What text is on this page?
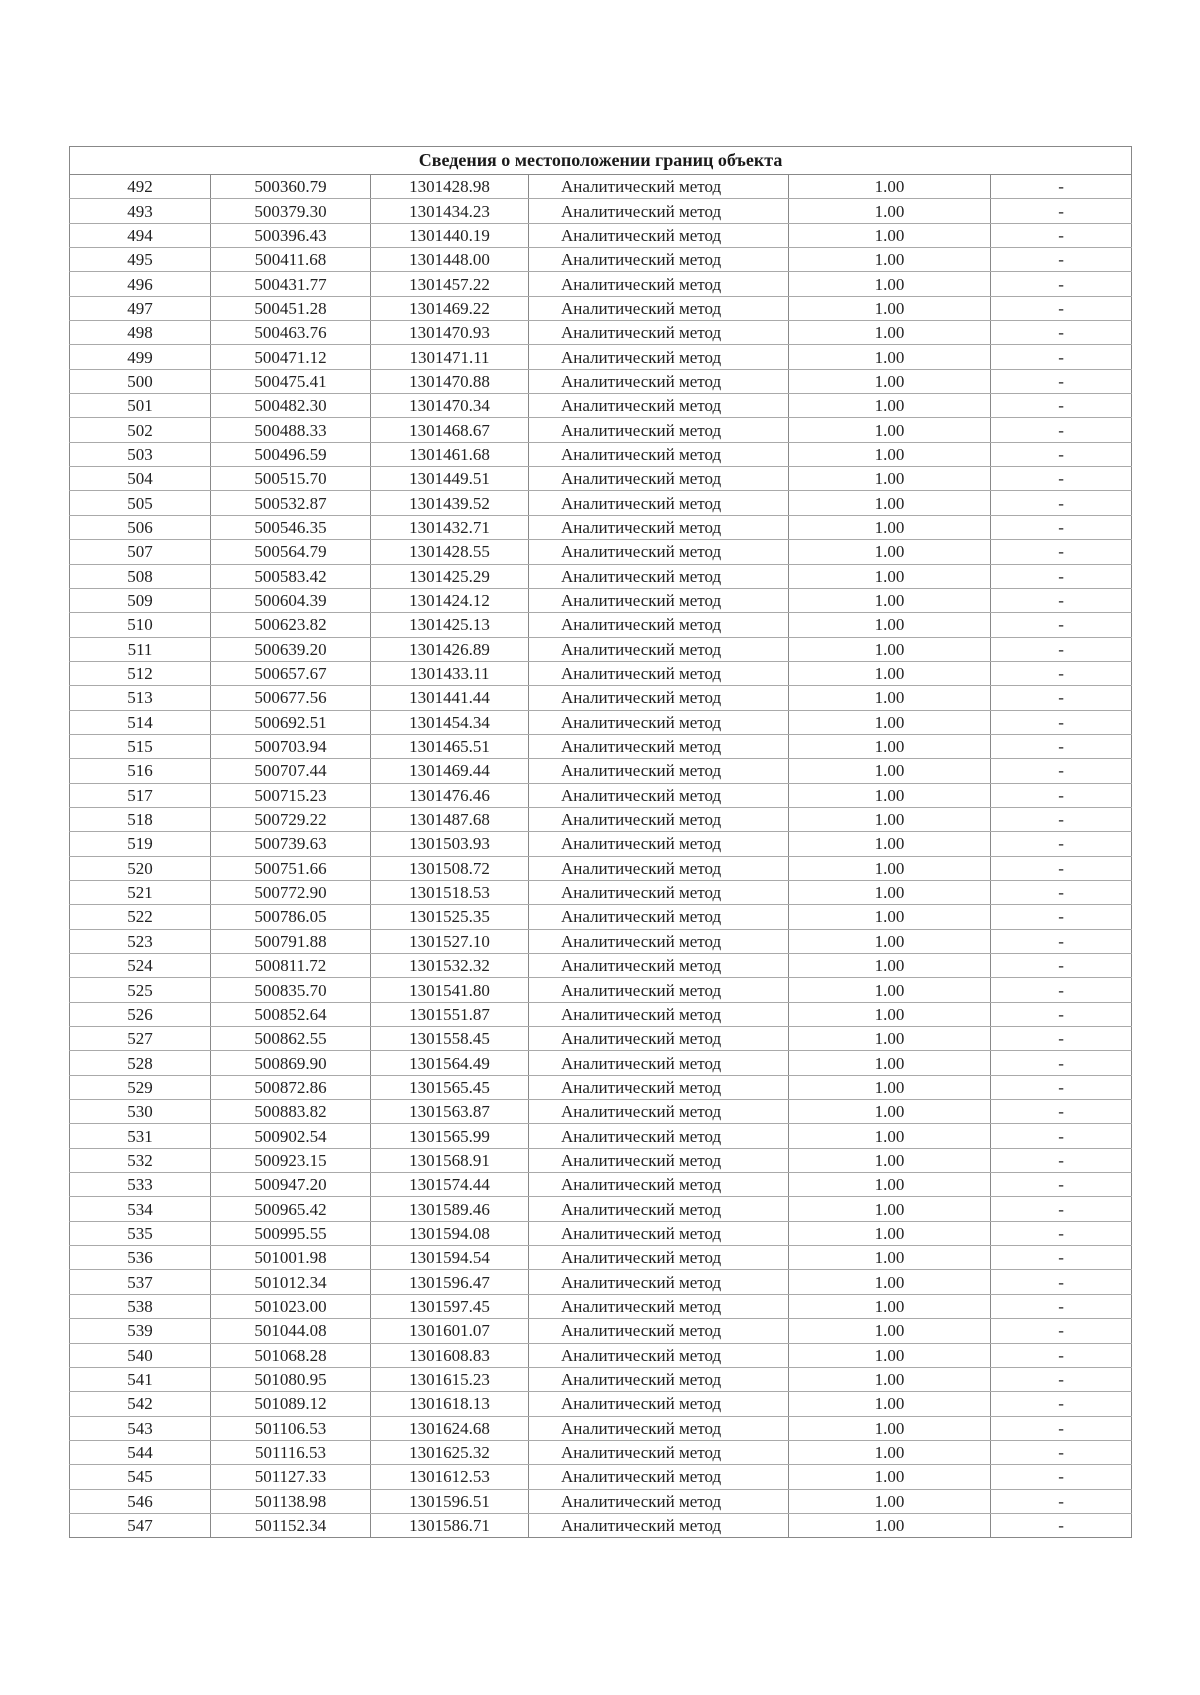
Сведения о местоположении границ объекта					
492	500360.79	1301428.98	Аналитический метод	1.00	-
493	500379.30	1301434.23	Аналитический метод	1.00	-
494	500396.43	1301440.19	Аналитический метод	1.00	-
495	500411.68	1301448.00	Аналитический метод	1.00	-
496	500431.77	1301457.22	Аналитический метод	1.00	-
497	500451.28	1301469.22	Аналитический метод	1.00	-
498	500463.76	1301470.93	Аналитический метод	1.00	-
499	500471.12	1301471.11	Аналитический метод	1.00	-
500	500475.41	1301470.88	Аналитический метод	1.00	-
501	500482.30	1301470.34	Аналитический метод	1.00	-
502	500488.33	1301468.67	Аналитический метод	1.00	-
503	500496.59	1301461.68	Аналитический метод	1.00	-
504	500515.70	1301449.51	Аналитический метод	1.00	-
505	500532.87	1301439.52	Аналитический метод	1.00	-
506	500546.35	1301432.71	Аналитический метод	1.00	-
507	500564.79	1301428.55	Аналитический метод	1.00	-
508	500583.42	1301425.29	Аналитический метод	1.00	-
509	500604.39	1301424.12	Аналитический метод	1.00	-
510	500623.82	1301425.13	Аналитический метод	1.00	-
511	500639.20	1301426.89	Аналитический метод	1.00	-
512	500657.67	1301433.11	Аналитический метод	1.00	-
513	500677.56	1301441.44	Аналитический метод	1.00	-
514	500692.51	1301454.34	Аналитический метод	1.00	-
515	500703.94	1301465.51	Аналитический метод	1.00	-
516	500707.44	1301469.44	Аналитический метод	1.00	-
517	500715.23	1301476.46	Аналитический метод	1.00	-
518	500729.22	1301487.68	Аналитический метод	1.00	-
519	500739.63	1301503.93	Аналитический метод	1.00	-
520	500751.66	1301508.72	Аналитический метод	1.00	-
521	500772.90	1301518.53	Аналитический метод	1.00	-
522	500786.05	1301525.35	Аналитический метод	1.00	-
523	500791.88	1301527.10	Аналитический метод	1.00	-
524	500811.72	1301532.32	Аналитический метод	1.00	-
525	500835.70	1301541.80	Аналитический метод	1.00	-
526	500852.64	1301551.87	Аналитический метод	1.00	-
527	500862.55	1301558.45	Аналитический метод	1.00	-
528	500869.90	1301564.49	Аналитический метод	1.00	-
529	500872.86	1301565.45	Аналитический метод	1.00	-
530	500883.82	1301563.87	Аналитический метод	1.00	-
531	500902.54	1301565.99	Аналитический метод	1.00	-
532	500923.15	1301568.91	Аналитический метод	1.00	-
533	500947.20	1301574.44	Аналитический метод	1.00	-
534	500965.42	1301589.46	Аналитический метод	1.00	-
535	500995.55	1301594.08	Аналитический метод	1.00	-
536	501001.98	1301594.54	Аналитический метод	1.00	-
537	501012.34	1301596.47	Аналитический метод	1.00	-
538	501023.00	1301597.45	Аналитический метод	1.00	-
539	501044.08	1301601.07	Аналитический метод	1.00	-
540	501068.28	1301608.83	Аналитический метод	1.00	-
541	501080.95	1301615.23	Аналитический метод	1.00	-
542	501089.12	1301618.13	Аналитический метод	1.00	-
543	501106.53	1301624.68	Аналитический метод	1.00	-
544	501116.53	1301625.32	Аналитический метод	1.00	-
545	501127.33	1301612.53	Аналитический метод	1.00	-
546	501138.98	1301596.51	Аналитический метод	1.00	-
547	501152.34	1301586.71	Аналитический метод	1.00	-
